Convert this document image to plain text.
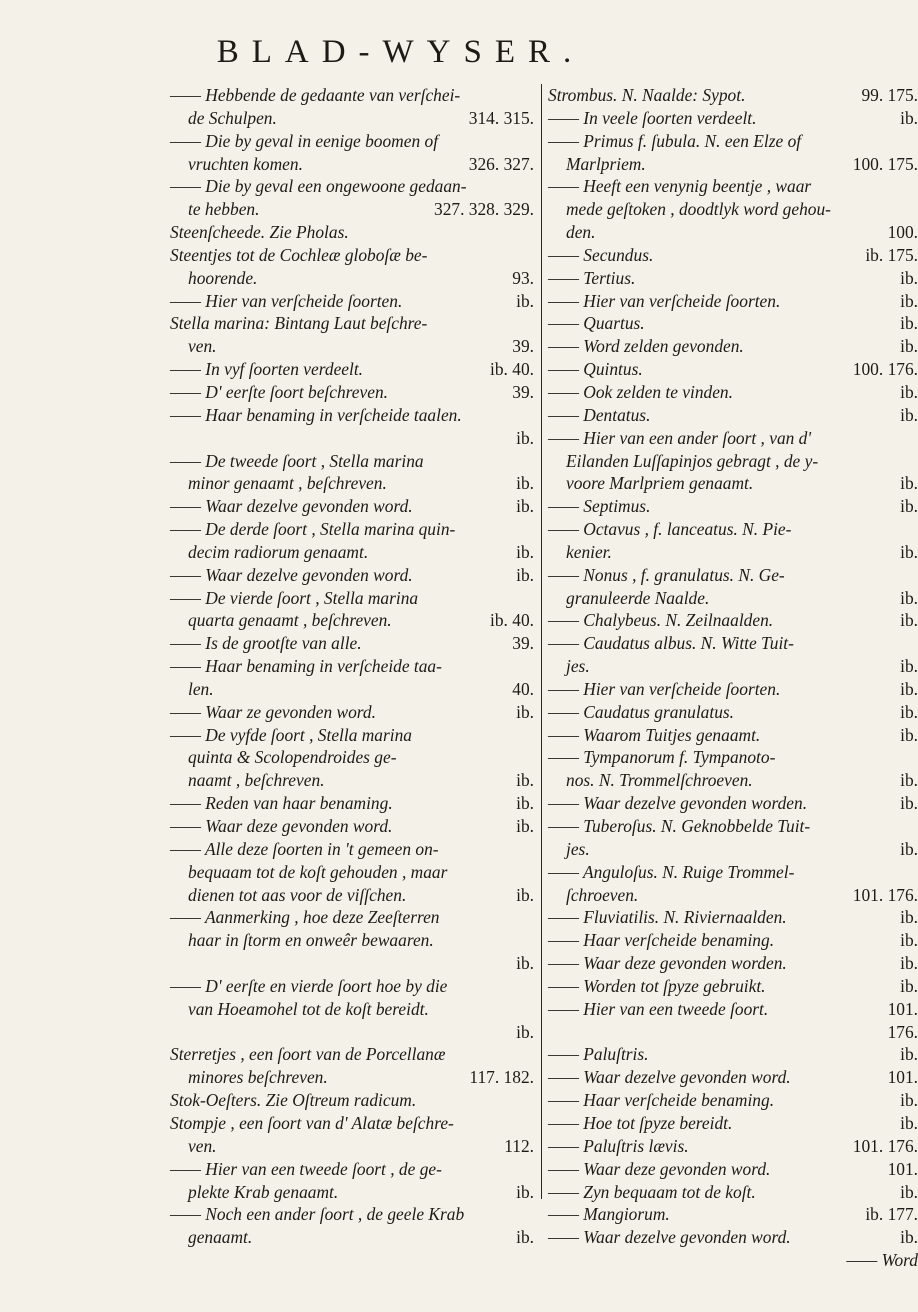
BLAD-WYSER.
—— Hebbende de gedaante van verſchei-
de Schulpen.	314. 315.
—— Die by geval in eenige boomen of
vruchten komen.	326. 327.
—— Die by geval een ongewoone gedaan-
te hebben.	327. 328. 329.
Steenſcheede. Zie Pholas.
Steentjes tot de Cochleæ globoſæ be-
hoorende.	93.
—— Hier van verſcheide ſoorten.	ib.
Stella marina: Bintang Laut beſchre-
ven.	39.
—— In vyf ſoorten verdeelt.	ib. 40.
—— D' eerſte ſoort beſchreven.	39.
—— Haar benaming in verſcheide taalen.
ib.
—— De tweede ſoort , Stella marina
minor genaamt , beſchreven.	ib.
—— Waar dezelve gevonden word.	ib.
—— De derde ſoort , Stella marina quin-
decim radiorum genaamt.	ib.
—— Waar dezelve gevonden word.	ib.
—— De vierde ſoort , Stella marina
quarta genaamt , beſchreven.	ib. 40.
—— Is de grootſte van alle.	39.
—— Haar benaming in verſcheide taa-
len.	40.
—— Waar ze gevonden word.	ib.
—— De vyfde ſoort , Stella marina
quinta & Scolopendroides ge-
naamt , beſchreven.	ib.
—— Reden van haar benaming.	ib.
—— Waar deze gevonden word.	ib.
—— Alle deze ſoorten in 't gemeen on-
bequaam tot de koſt gehouden , maar
dienen tot aas voor de viſſchen.	ib.
—— Aanmerking , hoe deze Zeeſterren
haar in ſtorm en onweêr bewaaren.
ib.
—— D' eerſte en vierde ſoort hoe by die
van Hoeamohel tot de koſt bereidt.
ib.
Sterretjes , een ſoort van de Porcellanæ
minores beſchreven.	117. 182.
Stok-Oeſters. Zie Oſtreum radicum.
Stompje , een ſoort van d' Alatæ beſchre-
ven.	112.
—— Hier van een tweede ſoort , de ge-
plekte Krab genaamt.	ib.
—— Noch een ander ſoort , de geele Krab
genaamt.	ib.
Strombus. N. Naalde: Sypot.	99. 175.
—— In veele ſoorten verdeelt.	ib.
—— Primus f. ſubula. N. een Elze of
Marlpriem.	100. 175.
—— Heeft een venynig beentje , waar
mede geſtoken , doodtlyk word gehou-
den.	100.
—— Secundus.	ib. 175.
—— Tertius.	ib.
—— Hier van verſcheide ſoorten.	ib.
—— Quartus.	ib.
—— Word zelden gevonden.	ib.
—— Quintus.	100. 176.
—— Ook zelden te vinden.	ib.
—— Dentatus.	ib.
—— Hier van een ander ſoort , van d'
Eilanden Luſſapinjos gebragt , de y-
voore Marlpriem genaamt.	ib.
—— Septimus.	ib.
—— Octavus , f. lanceatus. N. Pie-
kenier.	ib.
—— Nonus , f. granulatus. N. Ge-
granuleerde Naalde.	ib.
—— Chalybeus. N. Zeilnaalden.	ib.
—— Caudatus albus. N. Witte Tuit-
jes.	ib.
—— Hier van verſcheide ſoorten.	ib.
—— Caudatus granulatus.	ib.
—— Waarom Tuitjes genaamt.	ib.
—— Tympanorum f. Tympanoto-
nos. N. Trommelſchroeven.	ib.
—— Waar dezelve gevonden worden.	ib.
—— Tuberoſus. N. Geknobbelde Tuit-
jes.	ib.
—— Anguloſus. N. Ruige Trommel-
ſchroeven.	101. 176.
—— Fluviatilis. N. Riviernaalden.	ib.
—— Haar verſcheide benaming.	ib.
—— Waar deze gevonden worden.	ib.
—— Worden tot ſpyze gebruikt.	ib.
—— Hier van een tweede ſoort.	101.
176.
—— Paluſtris.	ib.
—— Waar dezelve gevonden word.	101.
—— Haar verſcheide benaming.	ib.
—— Hoe tot ſpyze bereidt.	ib.
—— Paluſtris lævis.	101. 176.
—— Waar deze gevonden word.	101.
—— Zyn bequaam tot de koſt.	ib.
—— Mangiorum.	ib. 177.
—— Waar dezelve gevonden word.	ib.
—— Word
